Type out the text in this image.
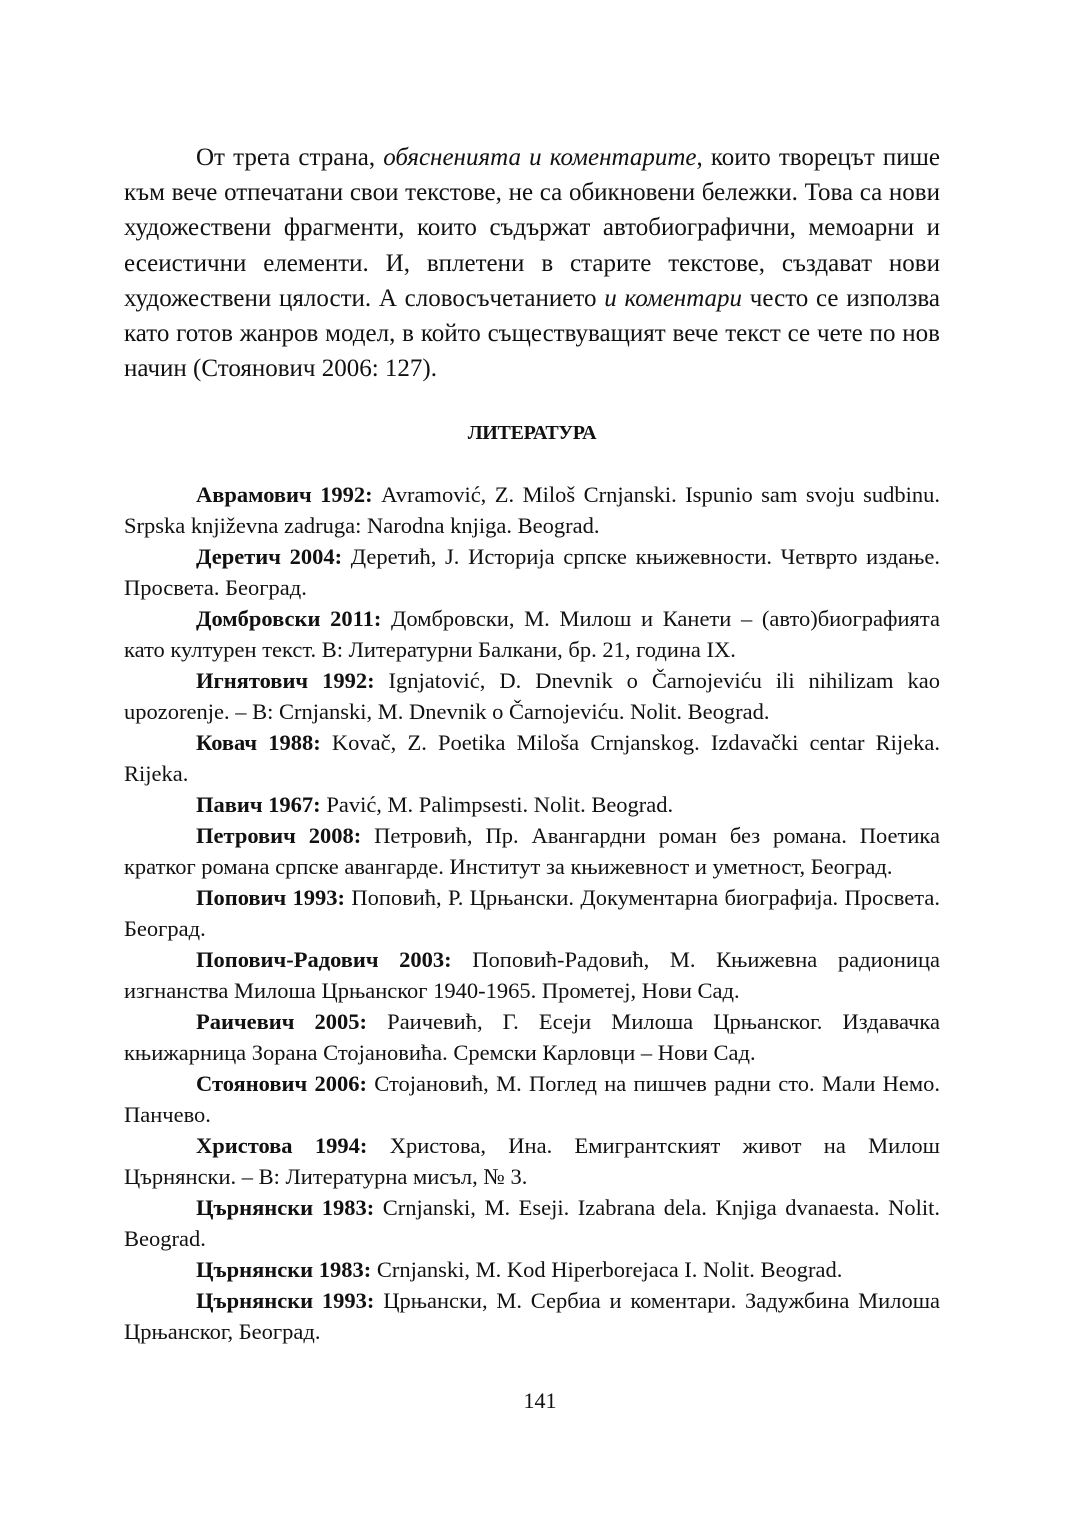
От трета страна, обясненията и коментарите, които творецът пише към вече отпечатани свои текстове, не са обикновени бележки. Това са нови художествени фрагменти, които съдържат автобиографични, мемоарни и есеистични елементи. И, вплетени в старите текстове, създават нови художествени цялости. А словосъчетанието и коментари често се използва като готов жанров модел, в който съществуващият вече текст се чете по нов начин (Стоянович 2006: 127).

ЛИТЕРАТУРА

Аврамович 1992: Avramović, Z. Miloš Crnjanski. Ispunio sam svoju sudbinu. Srpska književna zadruga: Narodna knjiga. Beograd.

Деретич 2004: Деретић, J. Историја српске књижевности. Четврто издање. Просвета. Београд.

Домбровски 2011: Домбровски, М. Милош и Канети – (авто)биографията като културен текст. В: Литературни Балкани, бр. 21, година IX.

Игнятович 1992: Ignjatović, D. Dnevnik o Čarnojeviću ili nihilizam kao upozorenje. – В: Crnjanski, M. Dnevnik o Čarnojeviću. Nolit. Beograd.

Ковач 1988: Kovač, Z. Poetika Miloša Crnjanskog. Izdavački centar Rijeka. Rijeka.

Павич 1967: Pavić, M. Palimpsesti. Nolit. Beograd.

Петрович 2008: Петровић, Пр. Авангардни роман без романа. Поетика кратког романа српске авангарде. Институт за књижевност и уметност, Београд.

Попович 1993: Поповић, Р. Црњански. Документарна биографија. Просвета. Београд.

Попович-Радович 2003: Поповић-Радовић, М. Књижевна радионица изгнанства Милоша Црњанског 1940-1965. Прометеј, Нови Сад.

Раичевич 2005: Раичевић, Г. Есеји Милоша Црњанског. Издавачка књижарница Зорана Стојановића. Сремски Карловци – Нови Сад.

Стоянович 2006: Стојановић, М. Поглед на пишчев радни сто. Мали Немо. Панчево.

Христова 1994: Христова, Ина. Емигрантският живот на Милош Църнянски. – В: Литературна мисъл, № 3.

Църнянски 1983: Crnjanski, M. Eseji. Izabrana dela. Knjiga dvanaesta. Nolit. Beograd.

Църнянски 1983: Crnjanski, M. Kod Hiperborejaca I. Nolit. Beograd.

Църнянски 1993: Црњански, М. Сербиа и коментари. Задужбина Милоша Црњанског, Београд.

141
